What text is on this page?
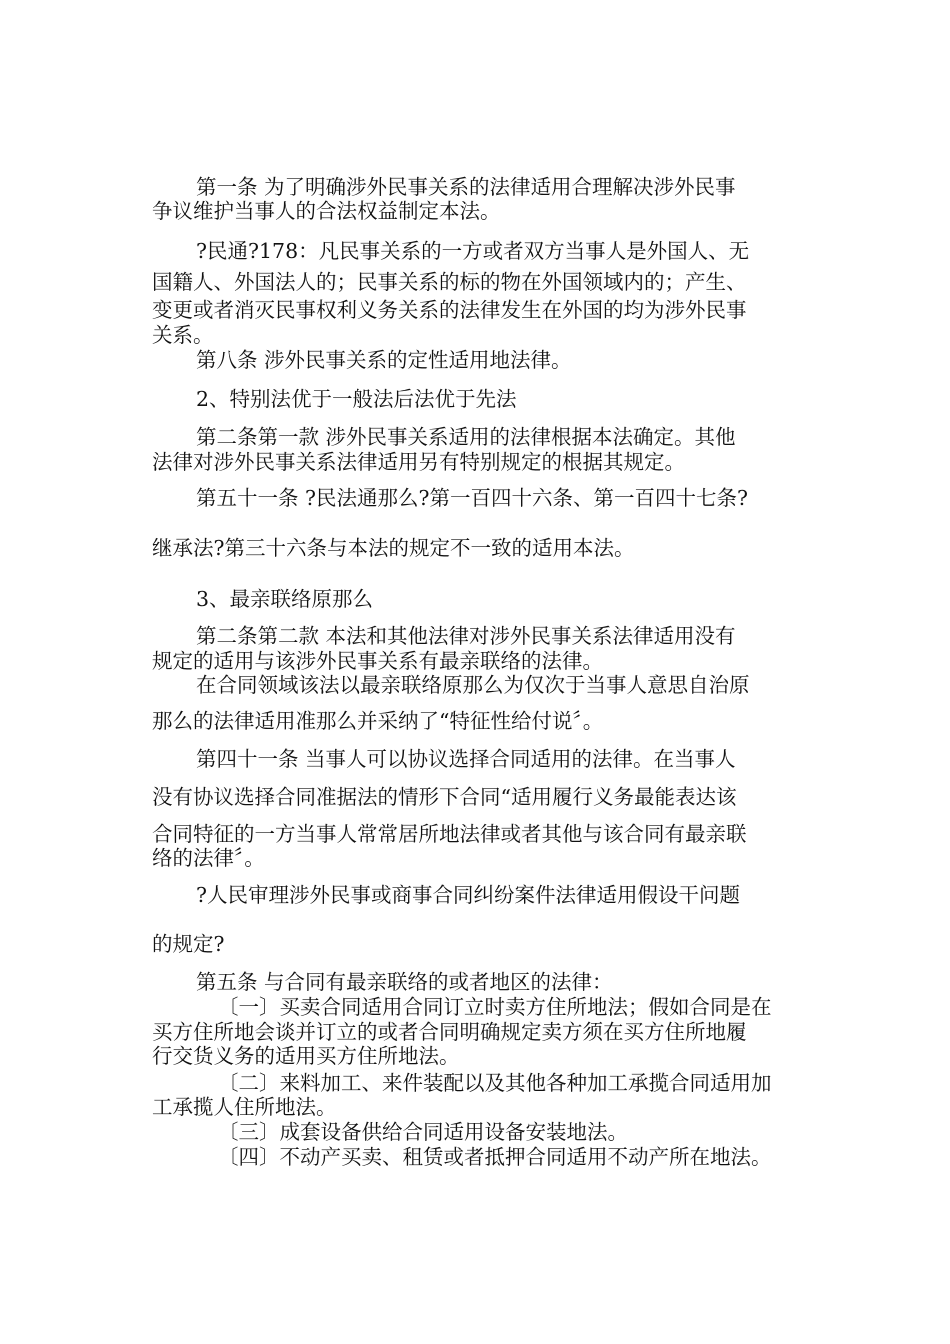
第一条 为了明确涉外民事关系的法律适用合理解决涉外民事
争议维护当事人的合法权益制定本法。
?民通?178：凡民事关系的一方或者双方当事人是外国人、无
国籍人、外国法人的；民事关系的标的物在外国领域内的；产生、
变更或者消灭民事权利义务关系的法律发生在外国的均为涉外民事
关系。
第八条 涉外民事关系的定性适用地法律。
2、特别法优于一般法后法优于先法
第二条第一款 涉外民事关系适用的法律根据本法确定。其他
法律对涉外民事关系法律适用另有特别规定的根据其规定。
第五十一条 ?民法通那么?第一百四十六条、第一百四十七条?
继承法?第三十六条与本法的规定不一致的适用本法。
3、最亲联络原那么
第二条第二款 本法和其他法律对涉外民事关系法律适用没有
规定的适用与该涉外民事关系有最亲联络的法律。
在合同领域该法以最亲联络原那么为仅次于当事人意思自治原
那么的法律适用准那么并采纳了“特征性给付说〞。
第四十一条 当事人可以协议选择合同适用的法律。在当事人
没有协议选择合同准据法的情形下合同“适用履行义务最能表达该
合同特征的一方当事人常常居所地法律或者其他与该合同有最亲联
络的法律〞。
?人民审理涉外民事或商事合同纠纷案件法律适用假设干问题
的规定?
第五条 与合同有最亲联络的或者地区的法律：
〔一〕买卖合同适用合同订立时卖方住所地法；假如合同是在
买方住所地会谈并订立的或者合同明确规定卖方须在买方住所地履
行交货义务的适用买方住所地法。
〔二〕来料加工、来件装配以及其他各种加工承揽合同适用加
工承揽人住所地法。
〔三〕成套设备供给合同适用设备安装地法。
〔四〕不动产买卖、租赁或者抵押合同适用不动产所在地法。
